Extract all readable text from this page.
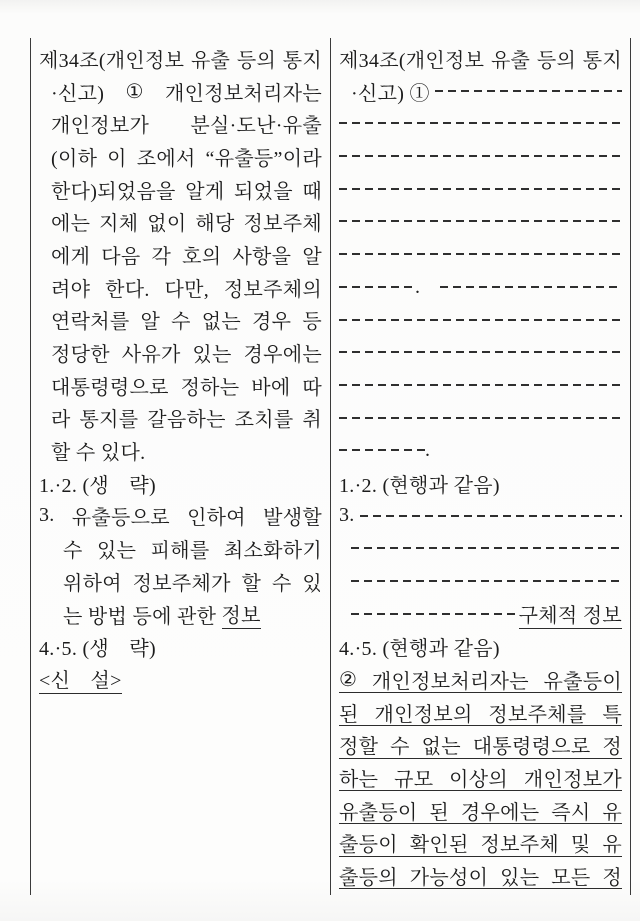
제34조(개인정보 유출 등의 통지
·신고) ① 개인정보처리자는
개인정보가 분실·도난·유출
(이하 이 조에서 “유출등”이라
한다)되었음을 알게 되었을 때
에는 지체 없이 해당 정보주체
에게 다음 각 호의 사항을 알
려야 한다. 다만, 정보주체의
연락처를 알 수 없는 경우 등
정당한 사유가 있는 경우에는
대통령령으로 정하는 바에 따
라 통지를 갈음하는 조치를 취
할 수 있다.
1.·2. (생　략)
3. 유출등으로 인하여 발생할
수 있는 피해를 최소화하기
위하여 정보주체가 할 수 있
는 방법 등에 관한 정보
4.·5. (생　략)
<신　설>
제34조(개인정보 유출 등의 통지
·신고) ①
.
.
1.·2. (현행과 같음)
3.
구체적 정보
4.·5. (현행과 같음)
② 개인정보처리자는 유출등이
된 개인정보의 정보주체를 특
정할 수 없는 대통령령으로 정
하는 규모 이상의 개인정보가
유출등이 된 경우에는 즉시 유
출등이 확인된 정보주체 및 유
출등의 가능성이 있는 모든 정
